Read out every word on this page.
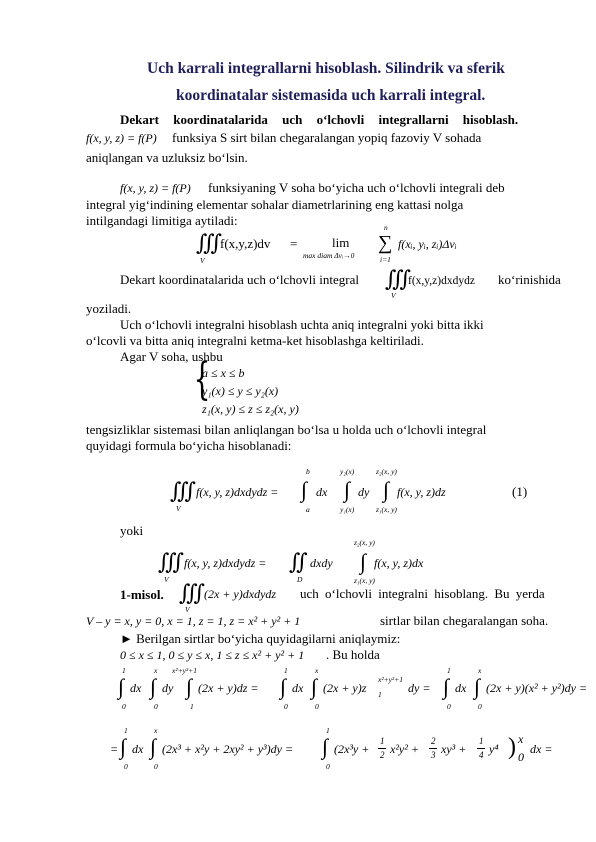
Uch karrali integrallarni hisoblash. Silindrik va sferik
koordinatalar sistemasida uch karrali integral.
Dekart koordinatalarida uch o‘lchovli integrallarni hisoblash.
f(x, y, z) = f(P) funksiya S sirt bilan chegaralangan yopiq fazoviy V sohada
aniqlangan va uzluksiz bo‘lsin.
f(x, y, z) = f(P) funksiyaning V soha bo‘yicha uch o‘lchovli integrali deb
integral yig‘indining elementar sohalar diametrlarining eng kattasi nolga
intilgandagi limitiga aytiladi:
∭
f(x,y,z)dv
V
=	lim
max diam Δvᵢ→0
∑
n
i=1
f(xᵢ, yᵢ, zᵢ)Δvᵢ
Dekart koordinatalarida uch o‘lchovli integral ∭
V
f(x,y,z)dxdydz ko‘rinishida
yoziladi.
Uch o‘lchovli integralni hisoblash uchta aniq integralni yoki bitta ikki
o‘lcovli va bitta aniq integralni ketma-ket hisoblashga keltiriladi.
Agar V soha, ushbu
{
a ≤ x ≤ b
y₁(x) ≤ y ≤ y₂(x)
z₁(x, y) ≤ z ≤ z₂(x, y)
tengsizliklar sistemasi bilan anliqlangan bo‘lsa u holda uch o‘lchovli integral
quyidagi formula bo‘yicha hisoblanadi:
∭
V
f(x, y, z)dxdydz = ∫
b
a
dx ∫
y₂(x)
y₁(x)
dy ∫
z₂(x, y)
z₁(x, y)
f(x, y, z)dz	(1)
yoki
∭
V
f(x, y, z)dxdydz = ∬
D
dxdy ∫
z₂(x, y)
z₁(x, y)
f(x, y, z)dx
1-misol. ∭
V
(2x + y)dxdydz uch o‘lchovli integralni hisoblang. Bu yerda
V – y = x, y = 0, x = 1, z = 1, z = x² + y² + 1	sirtlar bilan chegaralangan soha.
► Berilgan sirtlar bo‘yicha quyidagilarni aniqlaymiz:
0 ≤ x ≤ 1, 0 ≤ y ≤ x, 1 ≤ z ≤ x² + y² + 1 . Bu holda
∫
1
0
dx ∫
x
0
dy ∫
x²+y²+1
1
(2x + y)dz = ∫
1
0
dx ∫
x
0
(2x + y)z
x²+y²+1
1 dy = ∫
1
0
dx ∫
x
0
(2x + y)(x² + y²)dy =
= ∫
1
0
dx ∫
x
0
(2x³ + x²y + 2xy² + y³)dy = ∫
1
0
(2x³y +
1
2 x²y² +
2
3 xy³ +
1
4 y⁴ ) x
0
dx =
